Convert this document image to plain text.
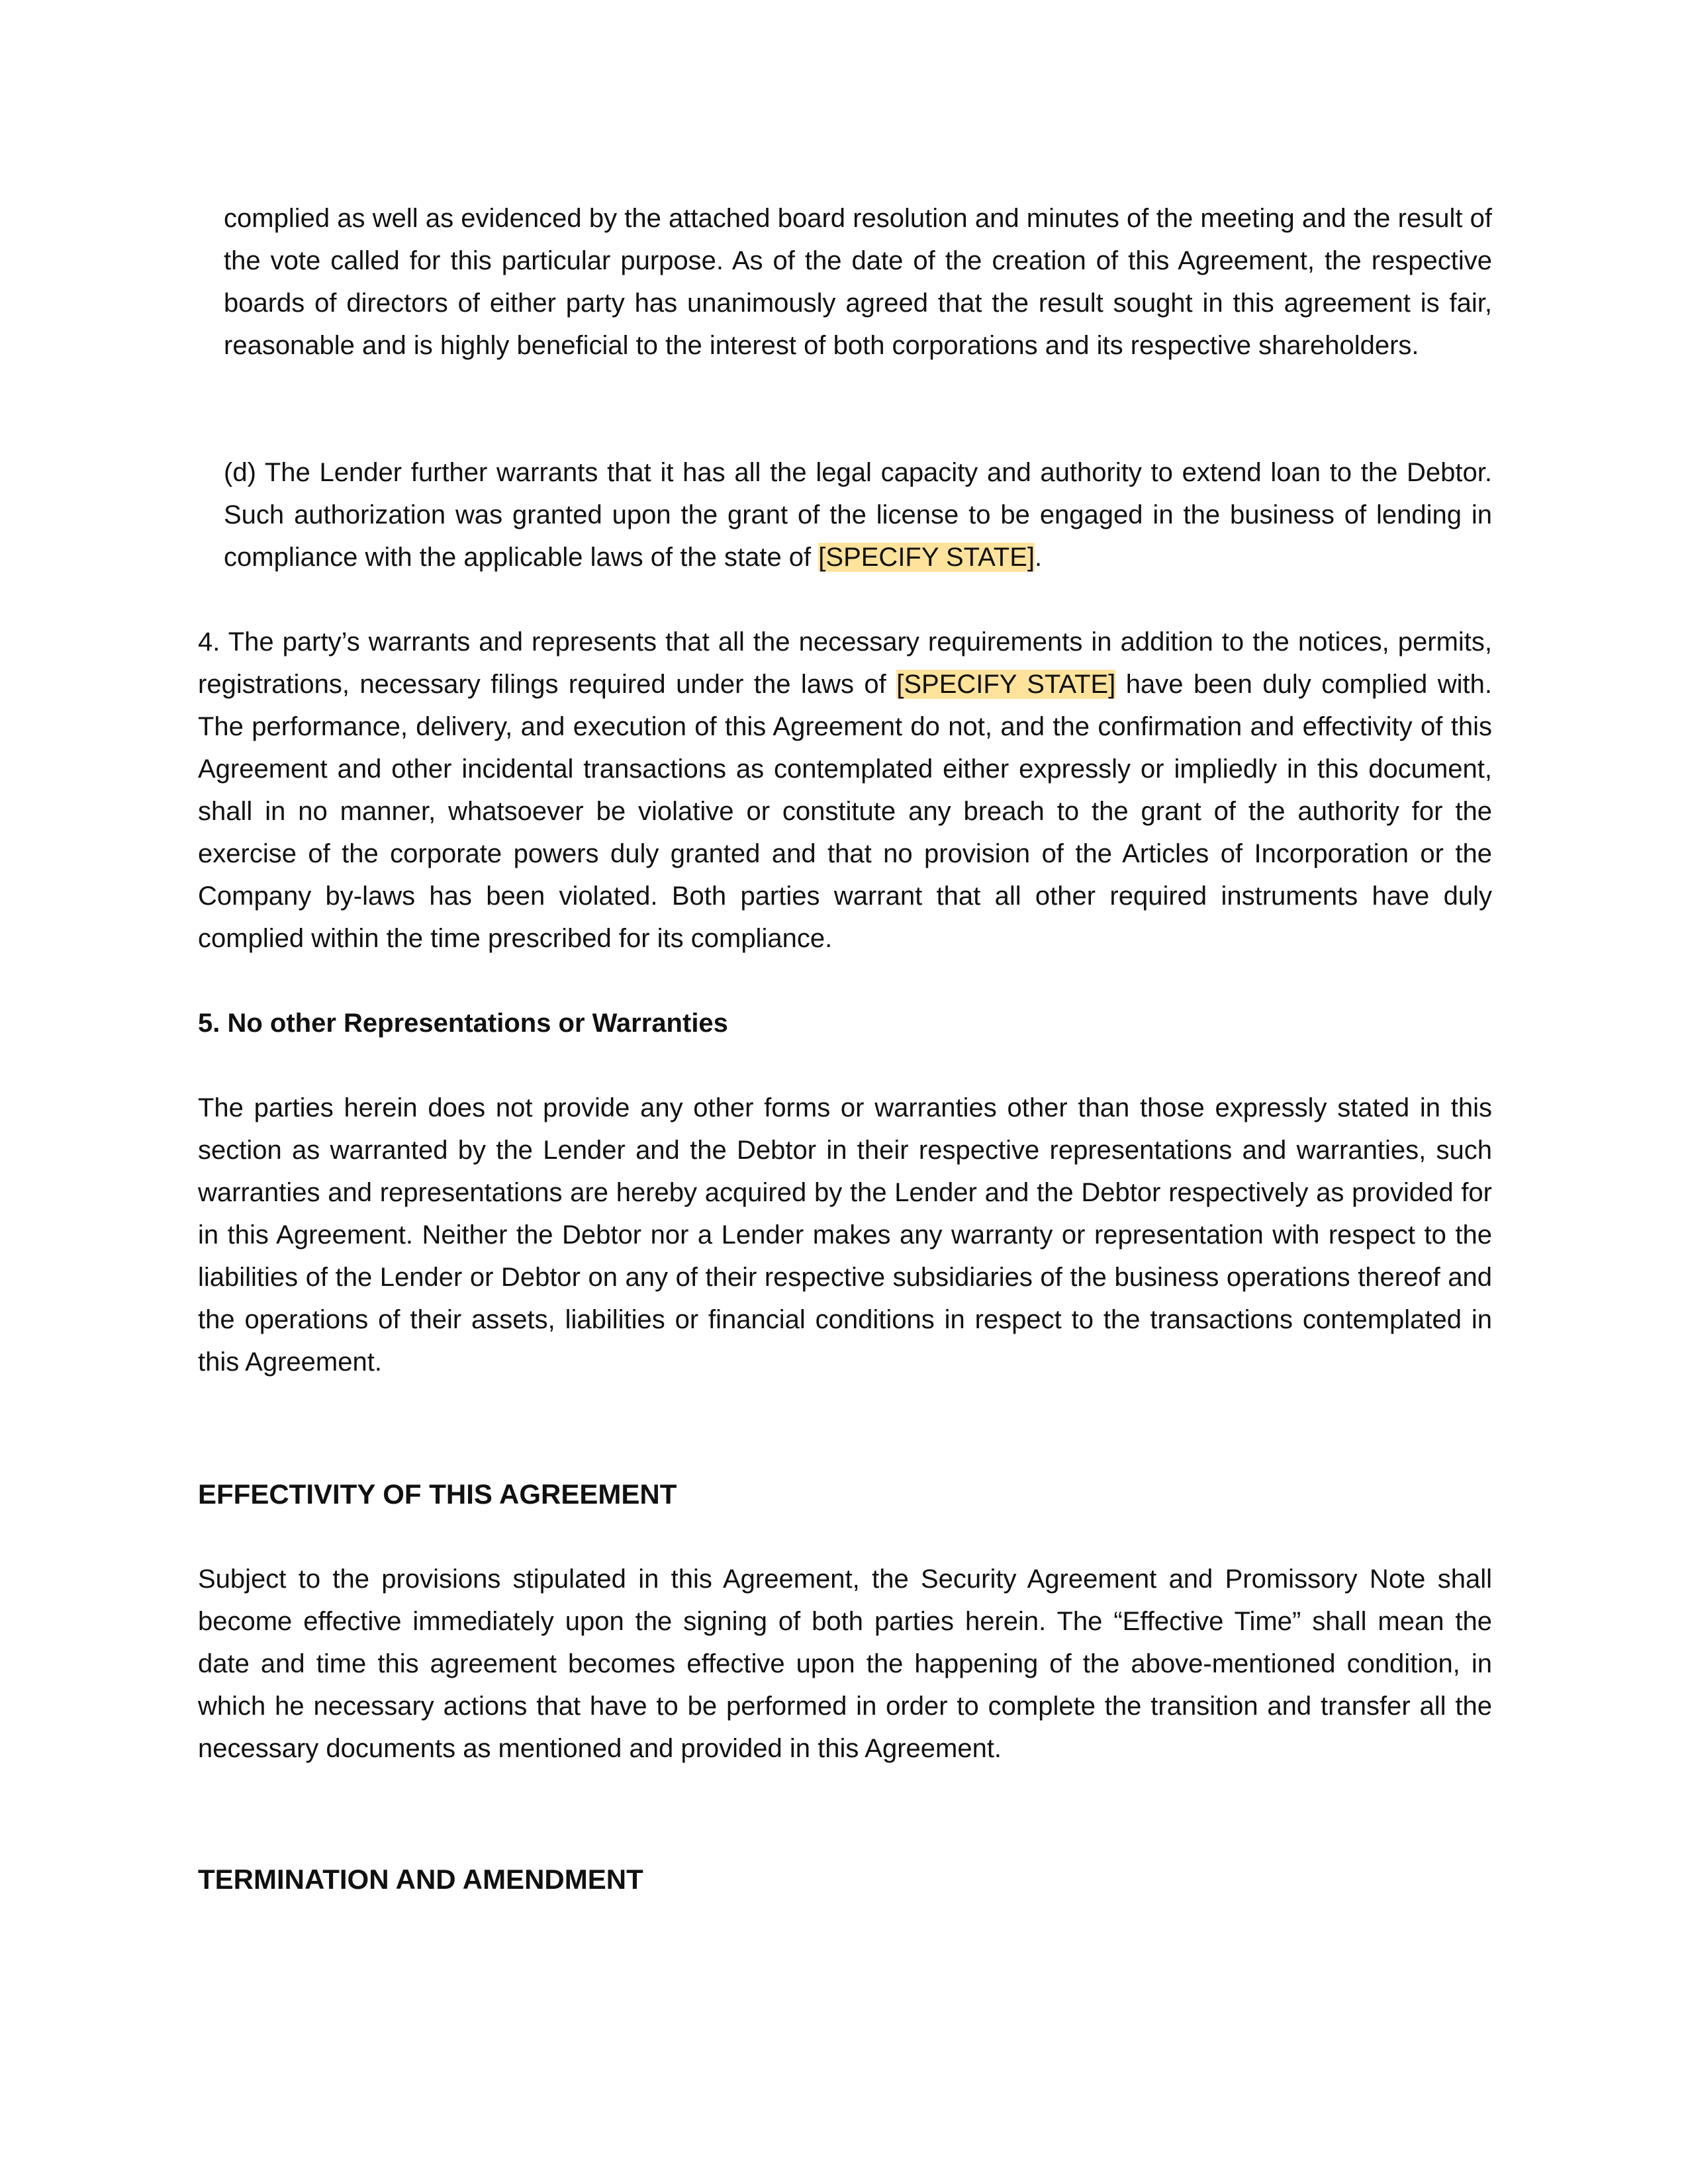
complied as well as evidenced by the attached board resolution and minutes of the meeting and the result of the vote called for this particular purpose. As of the date of the creation of this Agreement, the respective boards of directors of either party has unanimously agreed that the result sought in this agreement is fair, reasonable and is highly beneficial to the interest of both corporations and its respective shareholders.

(d) The Lender further warrants that it has all the legal capacity and authority to extend loan to the Debtor. Such authorization was granted upon the grant of the license to be engaged in the business of lending in compliance with the applicable laws of the state of [SPECIFY STATE].

4. The party’s warrants and represents that all the necessary requirements in addition to the notices, permits, registrations, necessary filings required under the laws of [SPECIFY STATE] have been duly complied with. The performance, delivery, and execution of this Agreement do not, and the confirmation and effectivity of this Agreement and other incidental transactions as contemplated either expressly or impliedly in this document, shall in no manner, whatsoever be violative or constitute any breach to the grant of the authority for the exercise of the corporate powers duly granted and that no provision of the Articles of Incorporation or the Company by-laws has been violated. Both parties warrant that all other required instruments have duly complied within the time prescribed for its compliance.

5. No other Representations or Warranties

The parties herein does not provide any other forms or warranties other than those expressly stated in this section as warranted by the Lender and the Debtor in their respective representations and warranties, such warranties and representations are hereby acquired by the Lender and the Debtor respectively as provided for in this Agreement. Neither the Debtor nor a Lender makes any warranty or representation with respect to the liabilities of the Lender or Debtor on any of their respective subsidiaries of the business operations thereof and the operations of their assets, liabilities or financial conditions in respect to the transactions contemplated in this Agreement.

EFFECTIVITY OF THIS AGREEMENT

Subject to the provisions stipulated in this Agreement, the Security Agreement and Promissory Note shall become effective immediately upon the signing of both parties herein. The “Effective Time” shall mean the date and time this agreement becomes effective upon the happening of the above-mentioned condition, in which he necessary actions that have to be performed in order to complete the transition and transfer all the necessary documents as mentioned and provided in this Agreement.

TERMINATION AND AMENDMENT
